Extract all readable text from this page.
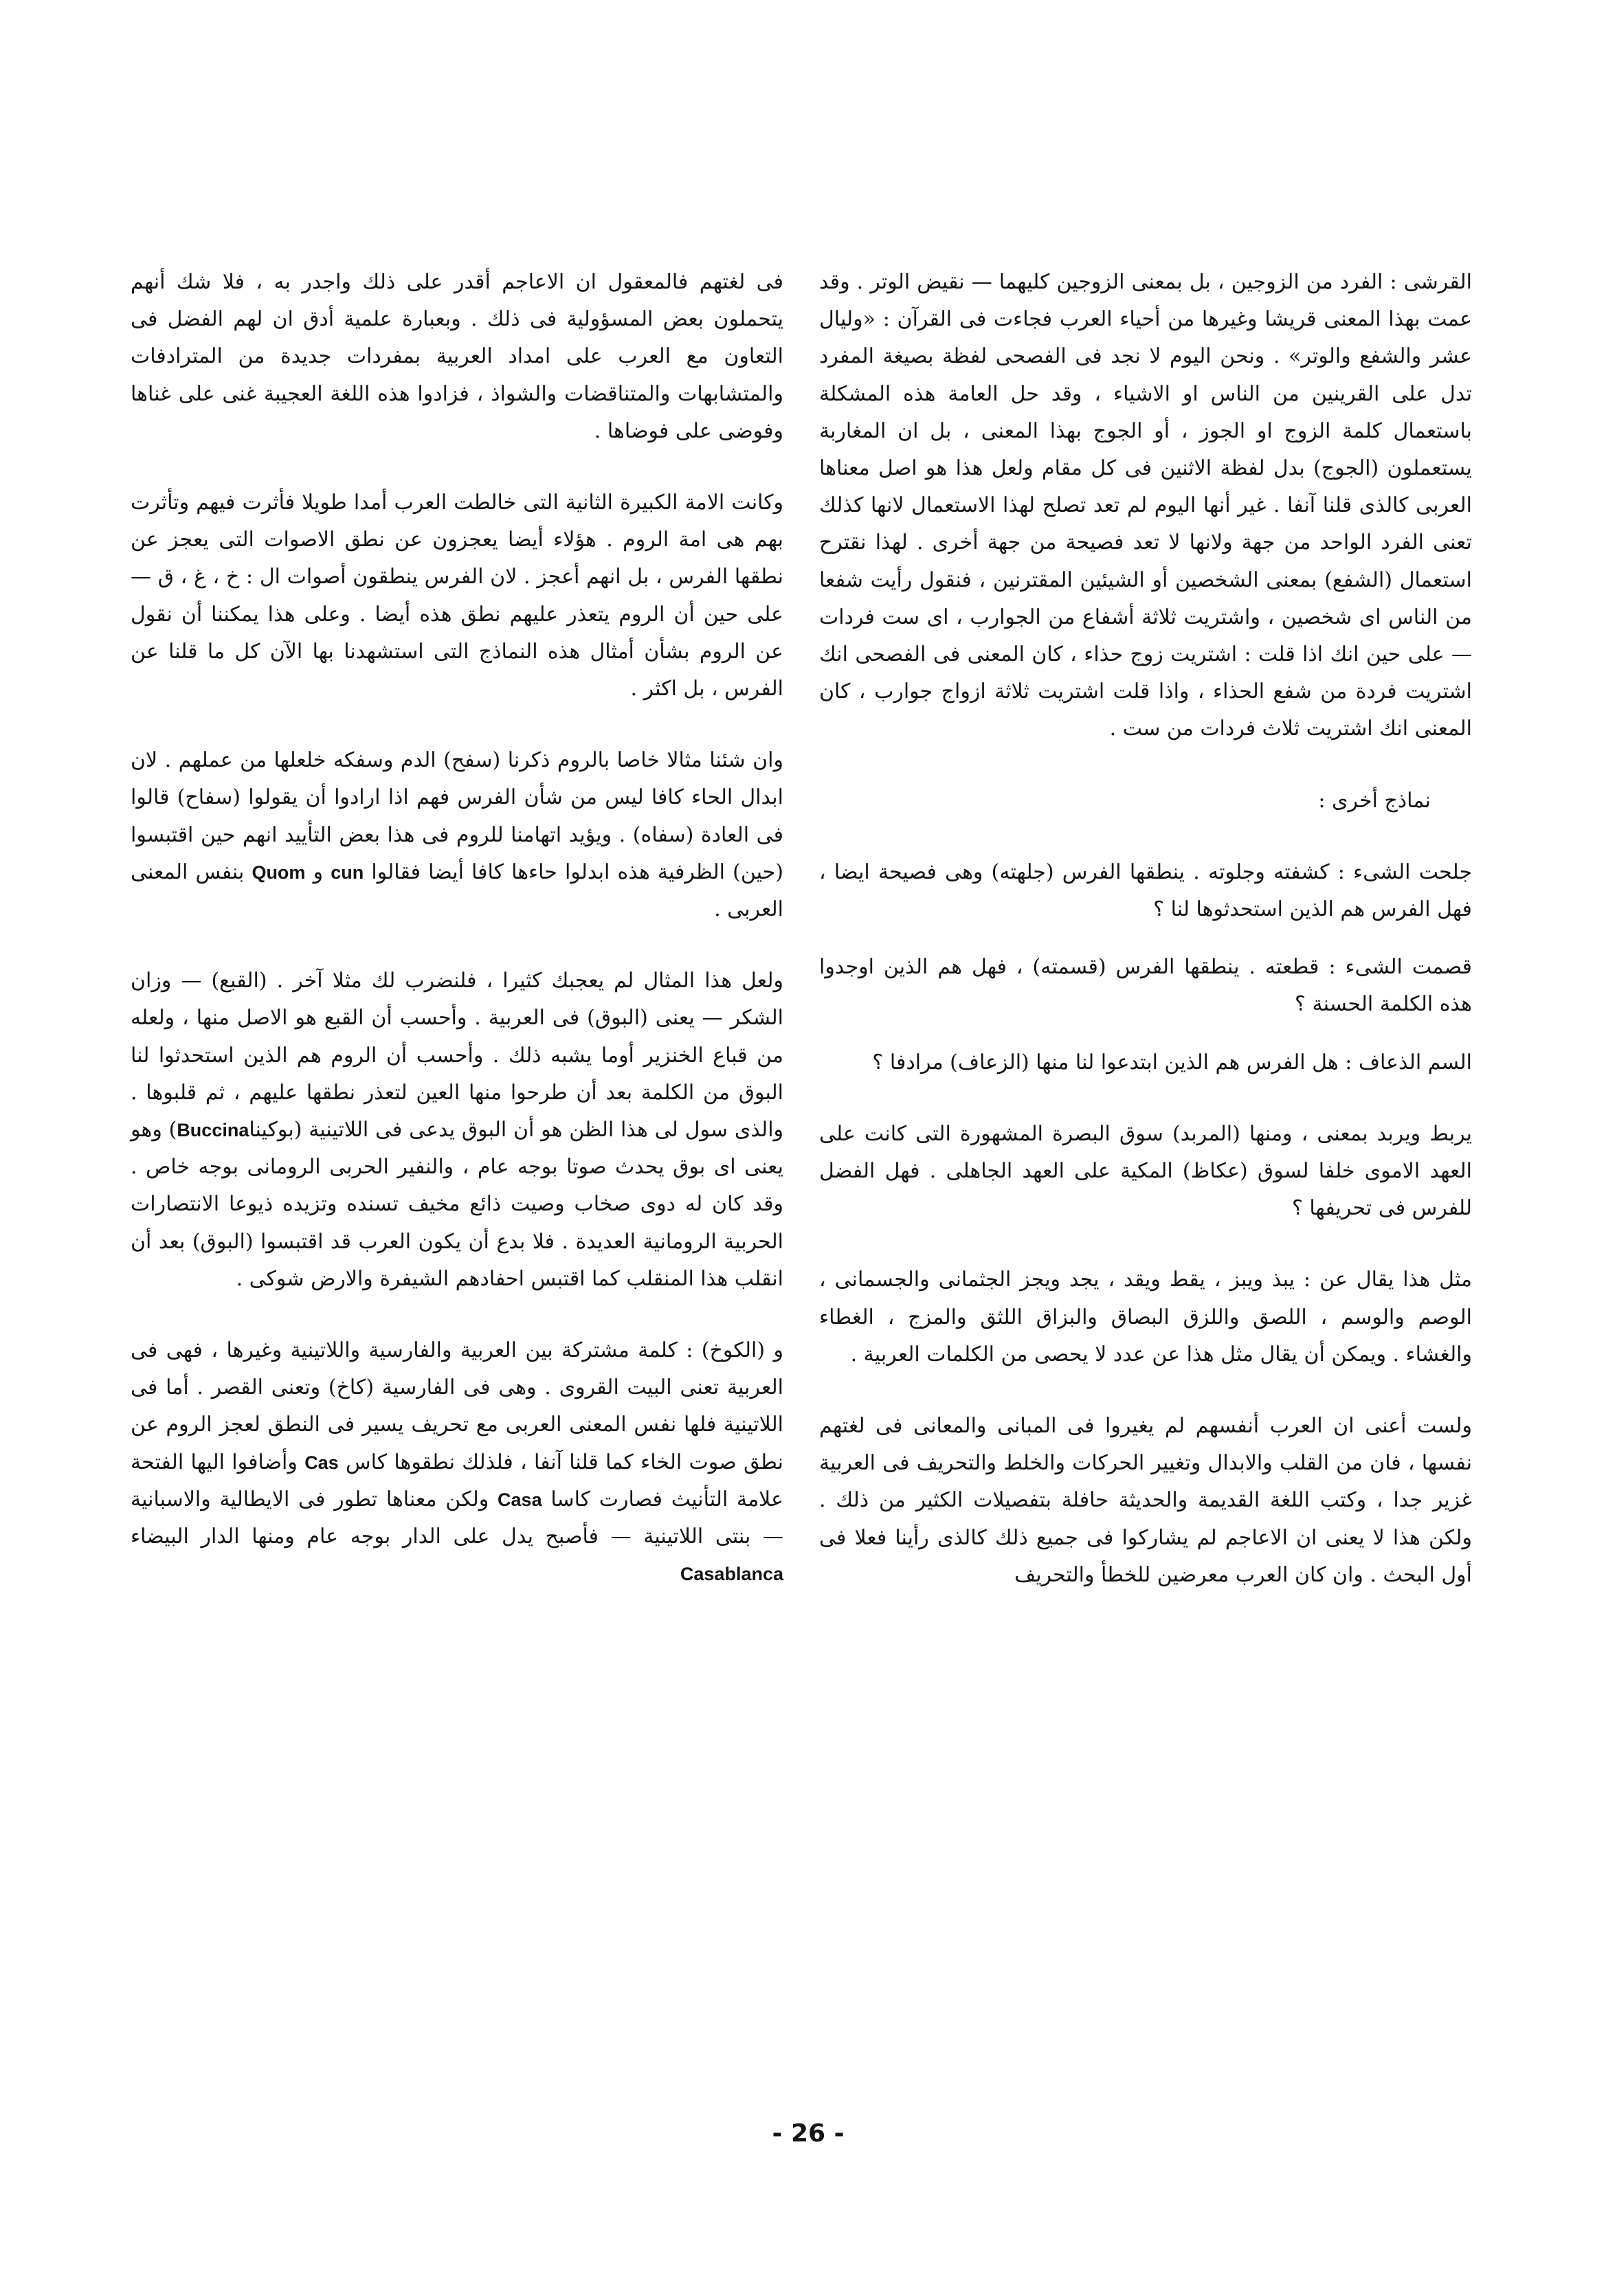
القرشى : الفرد من الزوجين ، بل بمعنى الزوجين كليهما — نقيض الوتر . وقد عمت بهذا المعنى قريشا وغيرها من أحياء العرب فجاءت فى القرآن : «وليال عشر والشفع والوتر» . ونحن اليوم لا نجد فى الفصحى لفظة بصيغة المفرد تدل على القرينين من الناس او الاشياء ، وقد حل العامة هذه المشكلة باستعمال كلمة الزوج او الجوز ، أو الجوج بهذا المعنى ، بل ان المغاربة يستعملون (الجوج) بدل لفظة الاثنين فى كل مقام ولعل هذا هو اصل معناها العربى كالذى قلنا آنفا . غير أنها اليوم لم تعد تصلح لهذا الاستعمال لانها كذلك تعنى الفرد الواحد من جهة ولانها لا تعد فصيحة من جهة أخرى . لهذا نقترح استعمال (الشفع) بمعنى الشخصين أو الشيئين المقترنين ، فنقول رأيت شفعا من الناس اى شخصين ، واشتريت ثلاثة أشفاع من الجوارب ، اى ست فردات — على حين انك اذا قلت : اشتريت زوج حذاء ، كان المعنى فى الفصحى انك اشتريت فردة من شفع الحذاء ، واذا قلت اشتريت ثلاثة ازواج جوارب ، كان المعنى انك اشتريت ثلاث فردات من ست .

نماذج أخرى :

جلحت الشىء : كشفته وجلوته . ينطقها الفرس (جلهته) وهى فصيحة ايضا ، فهل الفرس هم الذين استحدثوها لنا ؟

قصمت الشىء : قطعته . ينطقها الفرس (قسمته) ، فهل هم الذين اوجدوا هذه الكلمة الحسنة ؟

السم الذعاف : هل الفرس هم الذين ابتدعوا لنا منها (الزعاف) مرادفا ؟

يربط ويربد بمعنى ، ومنها (المربد) سوق البصرة المشهورة التى كانت على العهد الاموى خلفا لسوق (عكاظ) المكية على العهد الجاهلى . فهل الفضل للفرس فى تحريفها ؟

مثل هذا يقال عن : يبذ ويبز ، يقط ويقد ، يجد ويجز الجثمانى والجسمانى ، الوصم والوسم ، اللصق واللزق البصاق والبزاق اللثق والمزج ، الغطاء والغشاء . ويمكن أن يقال مثل هذا عن عدد لا يحصى من الكلمات العربية .

ولست أعنى ان العرب أنفسهم لم يغيروا فى المبانى والمعانى فى لغتهم نفسها ، فان من القلب والابدال وتغيير الحركات والخلط والتحريف فى العربية غزير جدا ، وكتب اللغة القديمة والحديثة حافلة بتفصيلات الكثير من ذلك . ولكن هذا لا يعنى ان الاعاجم لم يشاركوا فى جميع ذلك كالذى رأينا فعلا فى أول البحث . وان كان العرب معرضين للخطأ والتحريف

فى لغتهم فالمعقول ان الاعاجم أقدر على ذلك واجدر به ، فلا شك أنهم يتحملون بعض المسؤولية فى ذلك . وبعبارة علمية أدق ان لهم الفضل فى التعاون مع العرب على امداد العربية بمفردات جديدة من المترادفات والمتشابهات والمتناقضات والشواذ ، فزادوا هذه اللغة العجيبة غنى على غناها وفوضى على فوضاها .

وكانت الامة الكبيرة الثانية التى خالطت العرب أمدا طويلا فأثرت فيهم وتأثرت بهم هى امة الروم . هؤلاء أيضا يعجزون عن نطق الاصوات التى يعجز عن نطقها الفرس ، بل انهم أعجز . لان الفرس ينطقون أصوات ال : خ ، غ ، ق — على حين أن الروم يتعذر عليهم نطق هذه أيضا . وعلى هذا يمكننا أن نقول عن الروم بشأن أمثال هذه النماذج التى استشهدنا بها الآن كل ما قلنا عن الفرس ، بل اكثر .

وان شئنا مثالا خاصا بالروم ذكرنا (سفح) الدم وسفكه خلعلها من عملهم . لان ابدال الحاء كافا ليس من شأن الفرس فهم اذا ارادوا أن يقولوا (سفاح) قالوا فى العادة (سفاه) . ويؤيد اتهامنا للروم فى هذا بعض التأييد انهم حين اقتبسوا (حين) الظرفية هذه ابدلوا حاءها كافا أيضا فقالوا cun و Quom بنفس المعنى العربى .

ولعل هذا المثال لم يعجبك كثيرا ، فلنضرب لك مثلا آخر . (القبع) — وزان الشكر — يعنى (البوق) فى العربية . وأحسب أن القبع هو الاصل منها ، ولعله من قباع الخنزير أوما يشبه ذلك . وأحسب أن الروم هم الذين استحدثوا لنا البوق من الكلمة بعد أن طرحوا منها العين لتعذر نطقها عليهم ، ثم قلبوها . والذى سول لى هذا الظن هو أن البوق يدعى فى اللاتينية (بوكيناBuccina) وهو يعنى اى بوق يحدث صوتا بوجه عام ، والنفير الحربى الرومانى بوجه خاص . وقد كان له دوى صخاب وصيت ذائع مخيف تسنده وتزيده ذيوعا الانتصارات الحربية الرومانية العديدة . فلا بدع أن يكون العرب قد اقتبسوا (البوق) بعد أن انقلب هذا المنقلب كما اقتبس احفادهم الشيفرة والارض شوكى .

و (الكوخ) : كلمة مشتركة بين العربية والفارسية واللاتينية وغيرها ، فهى فى العربية تعنى البيت القروى . وهى فى الفارسية (كاخ) وتعنى القصر . أما فى اللاتينية فلها نفس المعنى العربى مع تحريف يسير فى النطق لعجز الروم عن نطق صوت الخاء كما قلنا آنفا ، فلذلك نطقوها كاس Cas وأضافوا اليها الفتحة علامة التأنيث فصارت كاسا Casa ولكن معناها تطور فى الايطالية والاسبانية — بنتى اللاتينية — فأصبح يدل على الدار بوجه عام ومنها الدار البيضاء Casablanca

- 26 -
